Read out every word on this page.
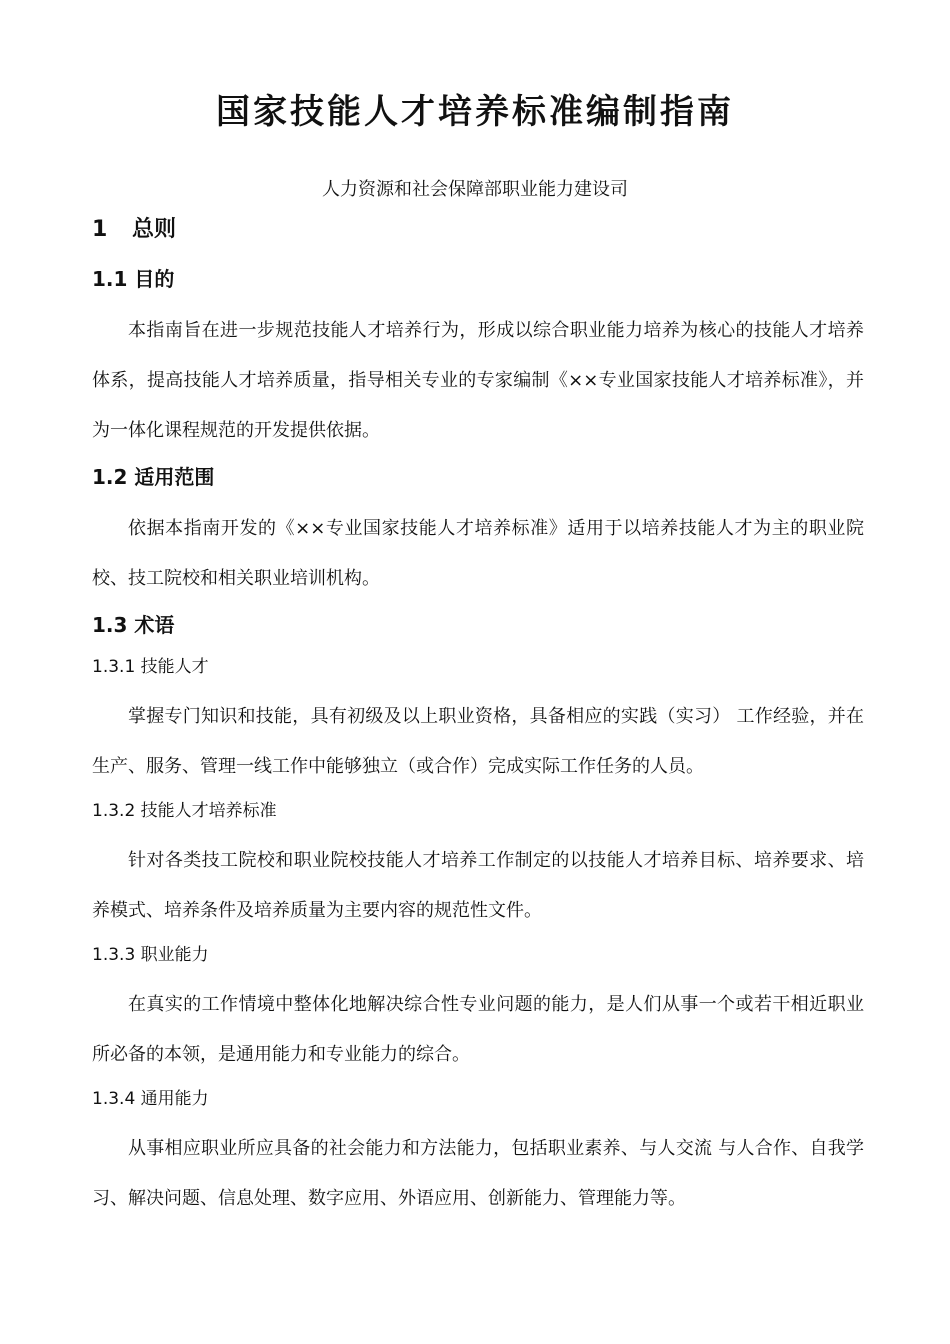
国家技能人才培养标准编制指南
人力资源和社会保障部职业能力建设司
1 总则
1.1 目的

本指南旨在进一步规范技能人才培养行为，形成以综合职业能力培养为核心的技能人才培养体系，提高技能人才培养质量，指导相关专业的专家编制《××专业国家技能人才培养标准》，并为一体化课程规范的开发提供依据。

1.2 适用范围

依据本指南开发的《××专业国家技能人才培养标准》适用于以培养技能人才为主的职业院校、技工院校和相关职业培训机构。

1.3 术语
1.3.1 技能人才

掌握专门知识和技能，具有初级及以上职业资格，具备相应的实践（实习） 工作经验，并在生产、服务、管理一线工作中能够独立（或合作）完成实际工作任务的人员。

1.3.2 技能人才培养标准

针对各类技工院校和职业院校技能人才培养工作制定的以技能人才培养目标、培养要求、培养模式、培养条件及培养质量为主要内容的规范性文件。

1.3.3 职业能力

在真实的工作情境中整体化地解决综合性专业问题的能力，是人们从事一个或若干相近职业所必备的本领，是通用能力和专业能力的综合。

1.3.4 通用能力

从事相应职业所应具备的社会能力和方法能力，包括职业素养、与人交流 与人合作、自我学习、解决问题、信息处理、数字应用、外语应用、创新能力、管理能力等。
